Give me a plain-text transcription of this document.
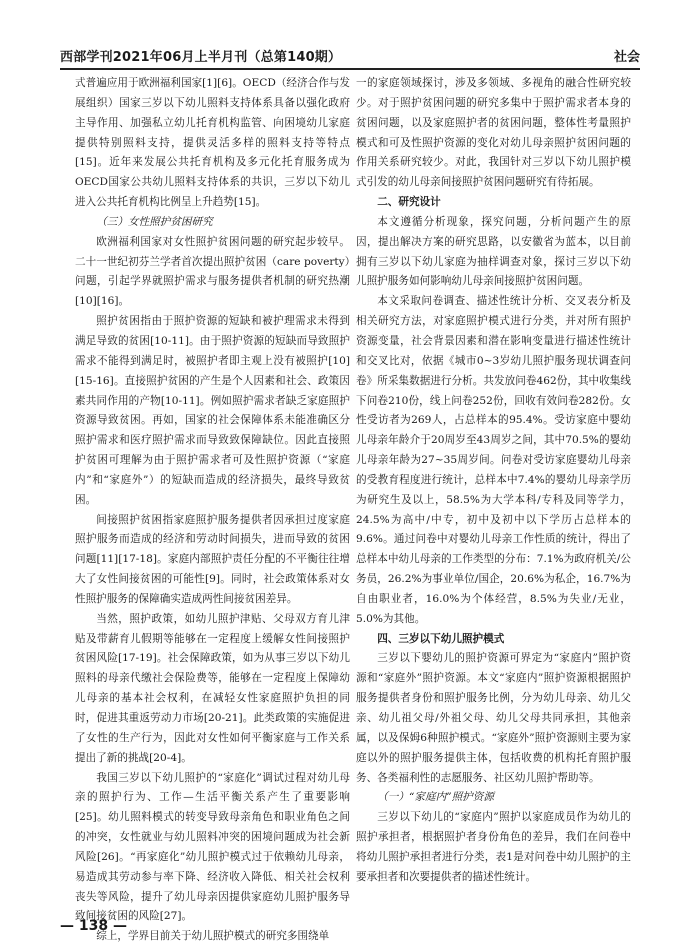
西部学刊2021年06月上半月刊（总第140期）	社会

式普遍应用于欧洲福利国家[1][6]。OECD（经济合作与发展组织）国家三岁以下幼儿照料支持体系具备以强化政府主导作用、加强私立幼儿托育机构监管、向困境幼儿家庭提供特别照料支持，提供灵活多样的照料支持等特点[15]。近年来发展公共托育机构及多元化托育服务成为OECD国家公共幼儿照料支持体系的共识，三岁以下幼儿进入公共托育机构比例呈上升趋势[15]。

（三）女性照护贫困研究

欧洲福利国家对女性照护贫困问题的研究起步较早。二十一世纪初芬兰学者首次提出照护贫困（care poverty）问题，引起学界就照护需求与服务提供者机制的研究热潮[10][16]。

照护贫困指由于照护资源的短缺和被护理需求未得到满足导致的贫困[10-11]。由于照护资源的短缺而导致照护需求不能得到满足时，被照护者即主观上没有被照护[10][15-16]。直接照护贫困的产生是个人因素和社会、政策因素共同作用的产物[10-11]。例如照护需求者缺乏家庭照护资源导致贫困。再如，国家的社会保障体系未能准确区分照护需求和医疗照护需求而导致致保障缺位。因此直接照护贫困可理解为由于照护需求者可及性照护资源（“家庭内”和“家庭外”）的短缺而造成的经济损失，最终导致贫困。

间接照护贫困指家庭照护服务提供者因承担过度家庭照护服务而造成的经济和劳动时间损失，进而导致的贫困问题[11][17-18]。家庭内部照护责任分配的不平衡往往增大了女性间接贫困的可能性[9]。同时，社会政策体系对女性照护服务的保障确实造成两性间接贫困差异。

当然，照护政策，如幼儿照护津贴、父母双方育儿津贴及带薪育儿假期等能够在一定程度上缓解女性间接照护贫困风险[17-19]。社会保障政策，如为从事三岁以下幼儿照料的母亲代缴社会保险费等，能够在一定程度上保障幼儿母亲的基本社会权利，在减轻女性家庭照护负担的同时，促进其重返劳动力市场[20-21]。此类政策的实施促进了女性的生产行为，因此对女性如何平衡家庭与工作关系提出了新的挑战[20-4]。

我国三岁以下幼儿照护的“家庭化”调试过程对幼儿母亲的照护行为、工作—生活平衡关系产生了重要影响[25]。幼儿照料模式的转变导致母亲角色和职业角色之间的冲突，女性就业与幼儿照料冲突的困境问题成为社会新风险[26]。“再家庭化”幼儿照护模式过于依赖幼儿母亲，易造成其劳动参与率下降、经济收入降低、相关社会权利丧失等风险，提升了幼儿母亲因提供家庭幼儿照护服务导致间接贫困的风险[27]。

综上，学界目前关于幼儿照护模式的研究多围绕单

一的家庭领域探讨，涉及多领域、多视角的融合性研究较少。对于照护贫困问题的研究多集中于照护需求者本身的贫困问题，以及家庭照护者的贫困问题，整体性考量照护模式和可及性照护资源的变化对幼儿母亲照护贫困问题的作用关系研究较少。对此，我国针对三岁以下幼儿照护模式引发的幼儿母亲间接照护贫困问题研究有待拓展。

二、研究设计

本文遵循分析现象，探究问题，分析问题产生的原因，提出解决方案的研究思路，以安徽省为蓝本，以目前拥有三岁以下幼儿家庭为抽样调查对象，探讨三岁以下幼儿照护服务如何影响幼儿母亲间接照护贫困问题。

本文采取问卷调查、描述性统计分析、交叉表分析及相关研究方法，对家庭照护模式进行分类，并对所有照护资源变量，社会背景因素和潜在影响变量进行描述性统计和交叉比对，依据《城市0~3岁幼儿照护服务现状调查问卷》所采集数据进行分析。共发放问卷462份，其中收集线下问卷210份，线上问卷252份，回收有效问卷282份。女性受访者为269人，占总样本的95.4%。受访家庭中婴幼儿母亲年龄介于20周岁至43周岁之间，其中70.5%的婴幼儿母亲年龄为27~35周岁间。问卷对受访家庭婴幼儿母亲的受教育程度进行统计，总样本中7.4%的婴幼儿母亲学历为研究生及以上，58.5%为大学本科/专科及同等学力，24.5%为高中/中专，初中及初中以下学历占总样本的9.6%。通过问卷中对婴幼儿母亲工作性质的统计，得出了总样本中幼儿母亲的工作类型的分布：7.1%为政府机关/公务员，26.2%为事业单位/国企，20.6%为私企，16.7%为自由职业者，16.0%为个体经营，8.5%为失业/无业，5.0%为其他。

四、三岁以下幼儿照护模式

三岁以下婴幼儿的照护资源可界定为“家庭内”照护资源和“家庭外”照护资源。本文“家庭内”照护资源根据照护服务提供者身份和照护服务比例，分为幼儿母亲、幼儿父亲、幼儿祖父母/外祖父母、幼儿父母共同承担，其他亲属，以及保姆6种照护模式。“家庭外”照护资源则主要为家庭以外的照护服务提供主体，包括收费的机构托育照护服务、各类福利性的志愿服务、社区幼儿照护帮助等。

（一）“家庭内”照护资源

三岁以下幼儿的“家庭内”照护以家庭成员作为幼儿的照护承担者，根据照护者身份角色的差异，我们在问卷中将幼儿照护承担者进行分类，表1是对问卷中幼儿照护的主要承担者和次要提供者的描述性统计。

— 138 —
